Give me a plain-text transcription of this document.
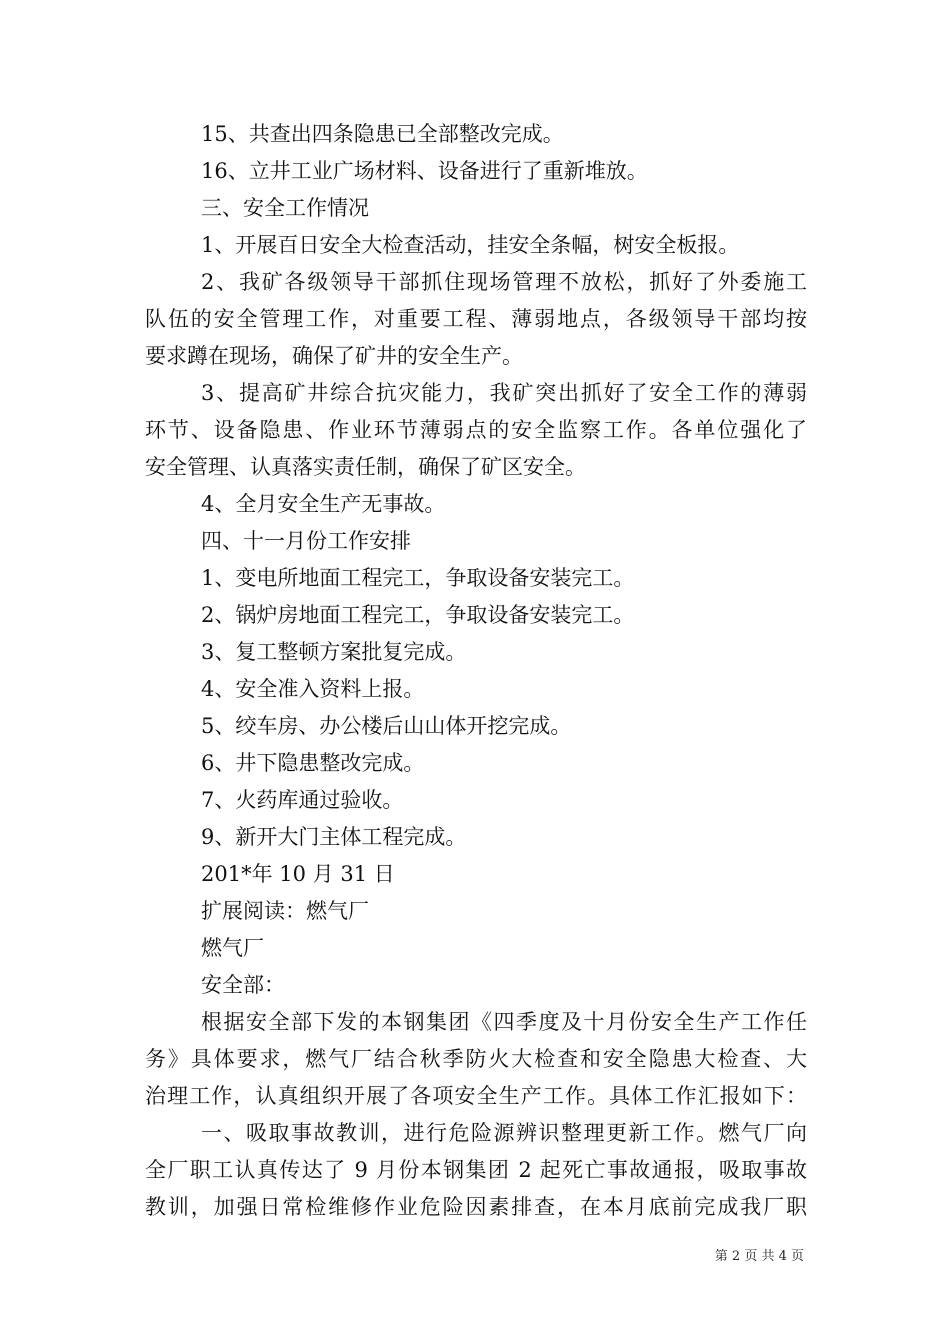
15、共查出四条隐患已全部整改完成。
16、立井工业广场材料、设备进行了重新堆放。
三、安全工作情况
1、开展百日安全大检查活动，挂安全条幅，树安全板报。
2、我矿各级领导干部抓住现场管理不放松，抓好了外委施工
队伍的安全管理工作，对重要工程、薄弱地点，各级领导干部均按
要求蹲在现场，确保了矿井的安全生产。
3、提高矿井综合抗灾能力，我矿突出抓好了安全工作的薄弱
环节、设备隐患、作业环节薄弱点的安全监察工作。各单位强化了
安全管理、认真落实责任制，确保了矿区安全。
4、全月安全生产无事故。
四、十一月份工作安排
1、变电所地面工程完工，争取设备安装完工。
2、锅炉房地面工程完工，争取设备安装完工。
3、复工整顿方案批复完成。
4、安全准入资料上报。
5、绞车房、办公楼后山山体开挖完成。
6、井下隐患整改完成。
7、火药库通过验收。
9、新开大门主体工程完成。
201*年 10 月 31 日
扩展阅读：燃气厂
燃气厂
安全部：
根据安全部下发的本钢集团《四季度及十月份安全生产工作任
务》具体要求，燃气厂结合秋季防火大检查和安全隐患大检查、大
治理工作，认真组织开展了各项安全生产工作。具体工作汇报如下：
一、吸取事故教训，进行危险源辨识整理更新工作。燃气厂向
全厂职工认真传达了 9 月份本钢集团 2 起死亡事故通报，吸取事故
教训，加强日常检维修作业危险因素排查，在本月底前完成我厂职
第 2 页 共 4 页
